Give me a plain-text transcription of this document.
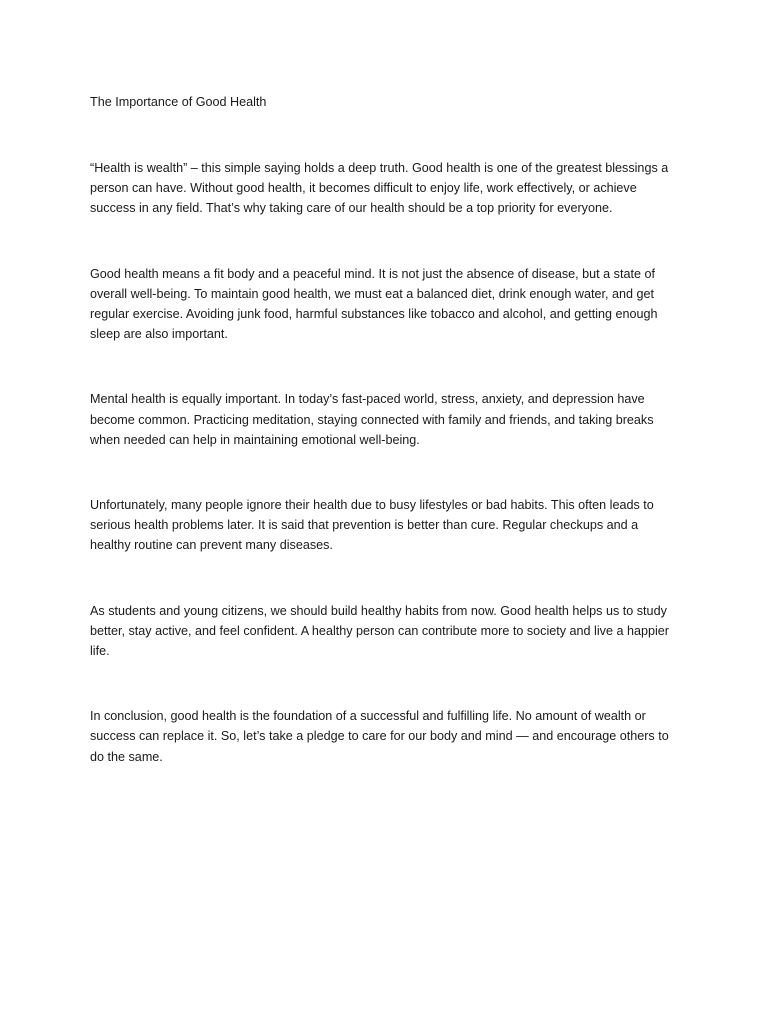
The Importance of Good Health

“Health is wealth” – this simple saying holds a deep truth. Good health is one of the greatest blessings a person can have. Without good health, it becomes difficult to enjoy life, work effectively, or achieve success in any field. That’s why taking care of our health should be a top priority for everyone.

Good health means a fit body and a peaceful mind. It is not just the absence of disease, but a state of overall well-being. To maintain good health, we must eat a balanced diet, drink enough water, and get regular exercise. Avoiding junk food, harmful substances like tobacco and alcohol, and getting enough sleep are also important.

Mental health is equally important. In today’s fast-paced world, stress, anxiety, and depression have become common. Practicing meditation, staying connected with family and friends, and taking breaks when needed can help in maintaining emotional well-being.

Unfortunately, many people ignore their health due to busy lifestyles or bad habits. This often leads to serious health problems later. It is said that prevention is better than cure. Regular checkups and a healthy routine can prevent many diseases.

As students and young citizens, we should build healthy habits from now. Good health helps us to study better, stay active, and feel confident. A healthy person can contribute more to society and live a happier life.

In conclusion, good health is the foundation of a successful and fulfilling life. No amount of wealth or success can replace it. So, let’s take a pledge to care for our body and mind — and encourage others to do the same.
